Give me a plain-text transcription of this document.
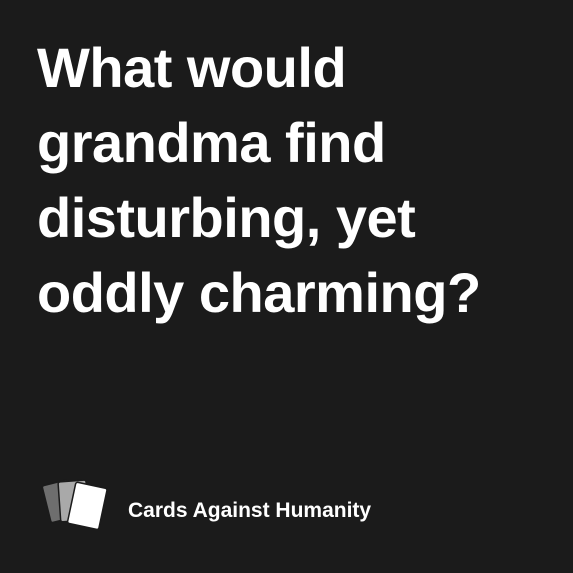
What would
grandma find
disturbing, yet
oddly charming?
Cards Against Humanity
